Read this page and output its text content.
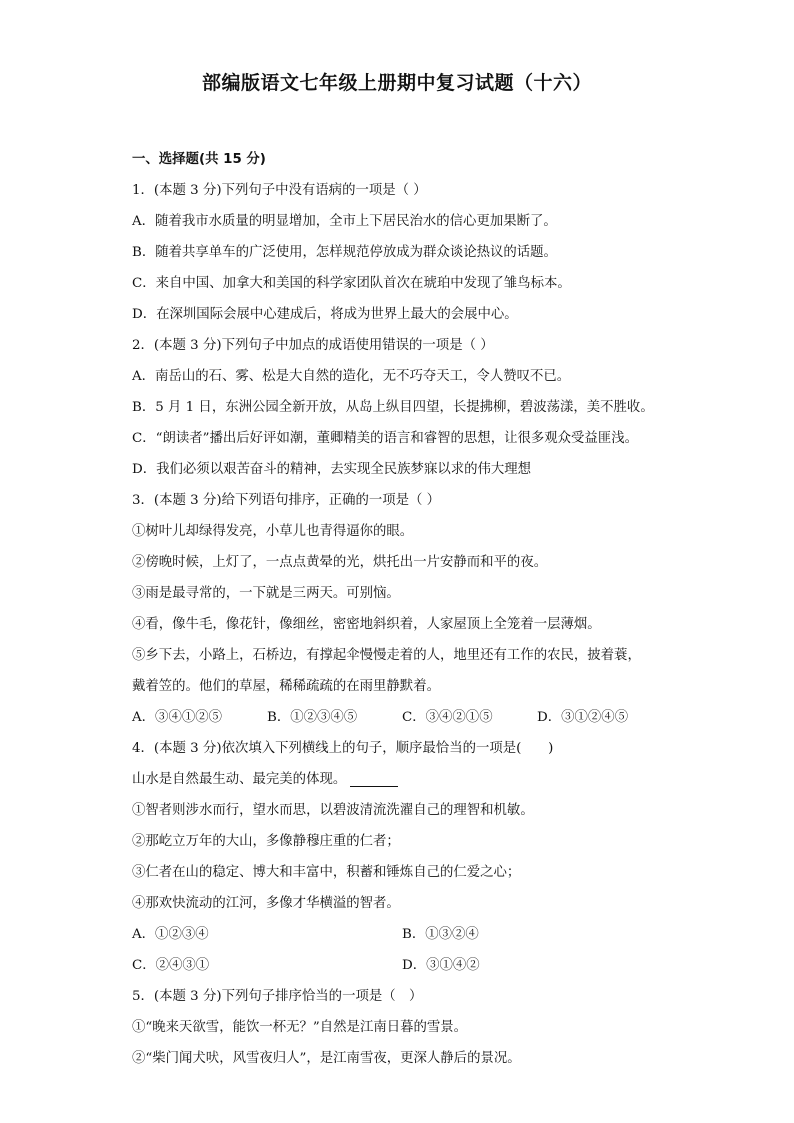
部编版语文七年级上册期中复习试题（十六）
一、选择题(共 15 分)
1．(本题 3 分)下列句子中没有语病的一项是（ ）
A．随着我市水质量的明显增加，全市上下居民治水的信心更加果断了。
B．随着共享单车的广泛使用，怎样规范停放成为群众谈论热议的话题。
C．来自中国、加拿大和美国的科学家团队首次在琥珀中发现了雏鸟标本。
D．在深圳国际会展中心建成后，将成为世界上最大的会展中心。
2．(本题 3 分)下列句子中加点的成语使用错误的一项是（ ）
A．南岳山的石、雾、松是大自然的造化，无不巧夺天工，令人赞叹不已。
B．5 月 1 日，东洲公园全新开放，从岛上纵目四望，长提拂柳，碧波荡漾，美不胜收。
C．“朗读者”播出后好评如潮，董卿精美的语言和睿智的思想，让很多观众受益匪浅。
D．我们必须以艰苦奋斗的精神，去实现全民族梦寐以求的伟大理想
3．(本题 3 分)给下列语句排序，正确的一项是（ ）
①树叶儿却绿得发亮，小草儿也青得逼你的眼。
②傍晚时候，上灯了，一点点黄晕的光，烘托出一片安静而和平的夜。
③雨是最寻常的，一下就是三两天。可别恼。
④看，像牛毛，像花针，像细丝，密密地斜织着，人家屋顶上全笼着一层薄烟。
⑤乡下去，小路上，石桥边，有撑起伞慢慢走着的人，地里还有工作的农民，披着蓑，
戴着笠的。他们的草屋，稀稀疏疏的在雨里静默着。
A．③④①②⑤	B．①②③④⑤	C．③④②①⑤	D．③①②④⑤
4．(本题 3 分)依次填入下列横线上的句子，顺序最恰当的一项是(　　)
山水是自然最生动、最完美的体现。
①智者则涉水而行，望水而思，以碧波清流洗濯自己的理智和机敏。
②那屹立万年的大山，多像静穆庄重的仁者；
③仁者在山的稳定、博大和丰富中，积蓄和锤炼自己的仁爱之心；
④那欢快流动的江河，多像才华横溢的智者。
A．①②③④	B．①③②④
C．②④③①	D．③①④②
5．(本题 3 分)下列句子排序恰当的一项是（　）
①“晚来天欲雪，能饮一杯无？”自然是江南日暮的雪景。
②“柴门闻犬吠，风雪夜归人”，是江南雪夜，更深人静后的景况。
